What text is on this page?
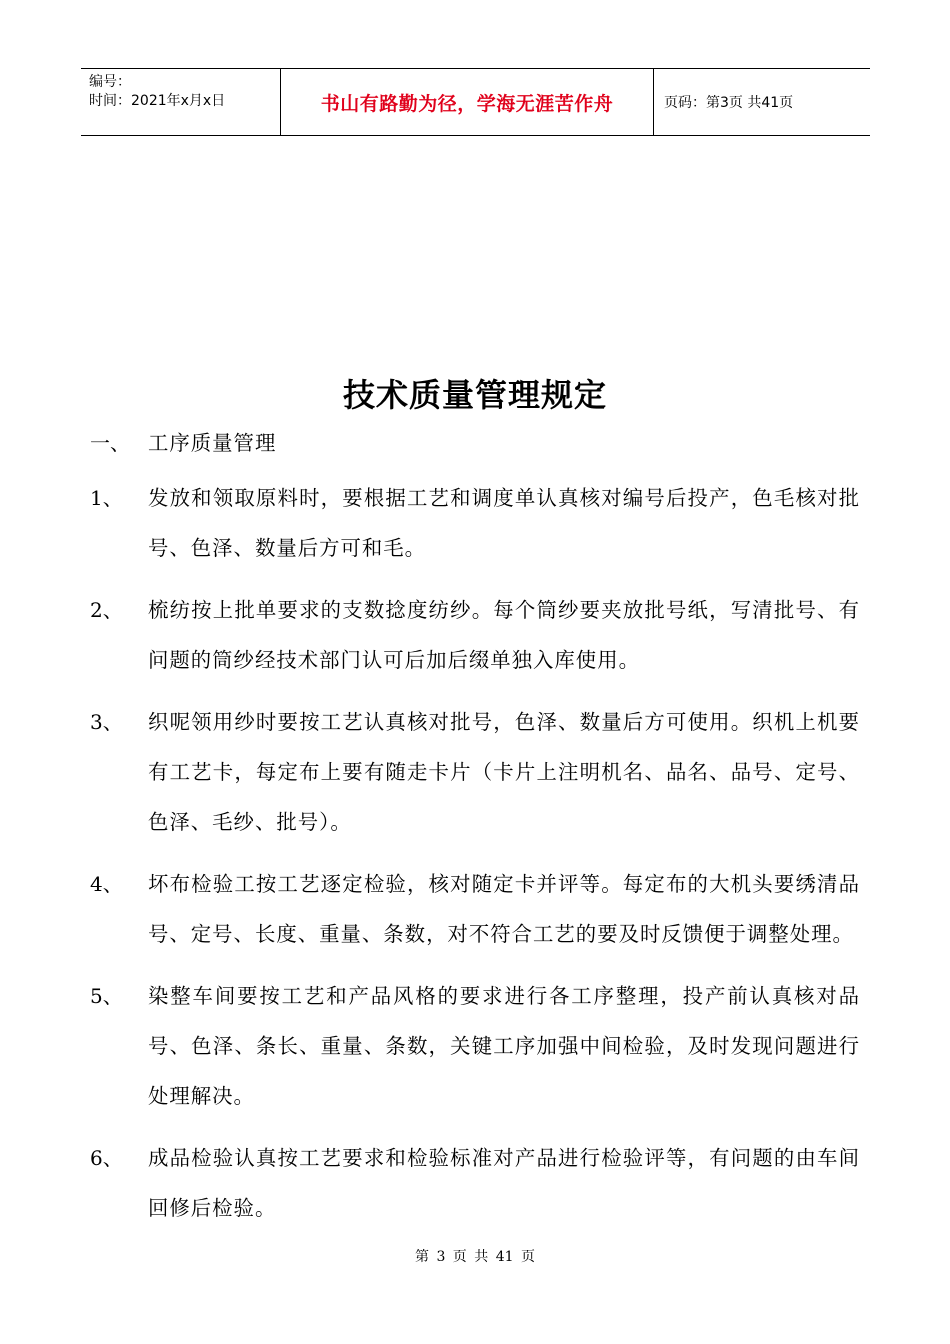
编号：
时间：2021年x月x日	书山有路勤为径，学海无涯苦作舟	页码：第3页 共41页
技术质量管理规定
一、 工序质量管理
1、 发放和领取原料时，要根据工艺和调度单认真核对编号后投产，色毛核对批号、色泽、数量后方可和毛。
2、 梳纺按上批单要求的支数捻度纺纱。每个筒纱要夹放批号纸，写清批号、有问题的筒纱经技术部门认可后加后缀单独入库使用。
3、 织呢领用纱时要按工艺认真核对批号，色泽、数量后方可使用。织机上机要有工艺卡，每定布上要有随走卡片（卡片上注明机名、品名、品号、定号、色泽、毛纱、批号）。
4、 坏布检验工按工艺逐定检验，核对随定卡并评等。每定布的大机头要绣清品号、定号、长度、重量、条数，对不符合工艺的要及时反馈便于调整处理。
5、 染整车间要按工艺和产品风格的要求进行各工序整理，投产前认真核对品号、色泽、条长、重量、条数，关键工序加强中间检验，及时发现问题进行处理解决。
6、 成品检验认真按工艺要求和检验标准对产品进行检验评等，有问题的由车间回修后检验。
第 3 页 共 41 页
